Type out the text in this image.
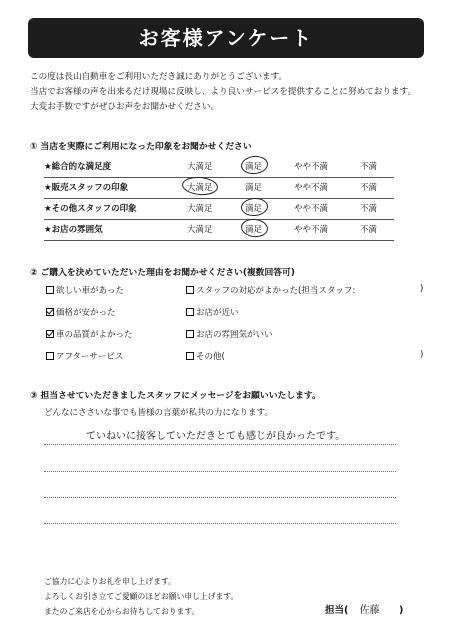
お客様アンケート
この度は長山自動車をご利用いただき誠にありがとうございます。
当店でお客様の声を出来るだけ現場に反映し、より良いサービスを提供することに努めております。
大変お手数ですがぜひお声をお聞かせください。
① 当店を実際にご利用になった印象をお聞かせください
★総合的な満足度	大満足	満足	やや不満	不満
★販売スタッフの印象	大満足	満足	やや不満	不満
★その他スタッフの印象	大満足	満足	やや不満	不満
★お店の雰囲気	大満足	満足	やや不満	不満
② ご購入を決めていただいた理由をお聞かせください(複数回答可)
欲しい車があった	スタッフの対応がよかった(担当スタッフ:	)
価格が安かった	お店が近い
車の品質がよかった	お店の雰囲気がいい
アフターサービス	その他(	)
③ 担当させていただきましたスタッフにメッセージをお願いいたします。
どんなにささいな事でも皆様の言葉が私共の力になります。
ていねいに接客していただきとても感じが良かったです。
ご協力に心よりお礼を申し上げます。
よろしくお引き立てご愛顧のほどお願い申し上げます。
またのご来店を心からお待ちしております。	担当( 佐藤 )
